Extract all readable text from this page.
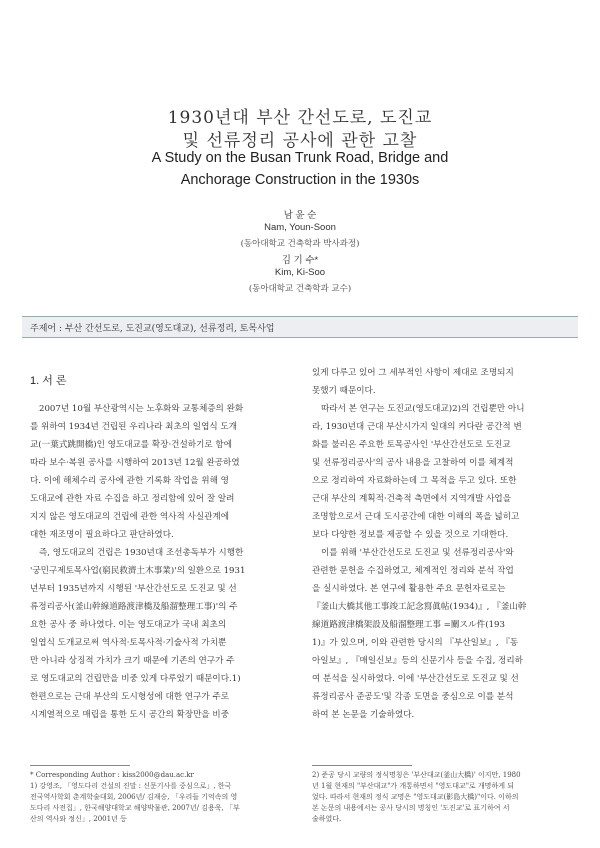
1930년대 부산 간선도로, 도진교
및 선류정리 공사에 관한 고찰
A Study on the Busan Trunk Road, Bridge and
Anchorage Construction in the 1930s
남 윤 순
Nam, Youn-Soon
(동아대학교 건축학과 박사과정)
김 기 수*
Kim, Ki-Soo
(동아대학교 건축학과 교수)
주제어 : 부산 간선도로, 도진교(영도대교), 선류정리, 토목사업
1. 서 론
2007년 10월 부산광역시는 노후화와 교통체증의 완화
를 위하여 1934년 건립된 우리나라 최초의 일엽식 도개
교(一葉式跳開橋)인 영도대교를 확장·건설하기로 함에
따라 보수·복원 공사를 시행하여 2013년 12월 완공하였
다. 이에 해체수리 공사에 관한 기록화 작업을 위해 영
도대교에 관한 자료 수집을 하고 정리함에 있어 잘 알려
지지 않은 영도대교의 건립에 관한 역사적 사실관계에
대한 재조명이 필요하다고 판단하였다.
즉, 영도대교의 건립은 1930년대 조선총독부가 시행한
'궁민구제토목사업(窮民救濟土木事業)'의 일환으로 1931
년부터 1935년까지 시행된 '부산간선도로 도진교 및 선
류정리공사(釜山幹線道路渡津橋及船溜整理工事)'의 주
요한 공사 중 하나였다. 이는 영도대교가 국내 최초의
일엽식 도개교로써 역사적·토목사적·기술사적 가치뿐
만 아니라 상징적 가치가 크기 때문에 기존의 연구가 주
로 영도대교의 건립만을 비중 있게 다루었기 때문이다.1)
한편으로는 근대 부산의 도시형성에 대한 연구가 주로
시계열적으로 매립을 통한 도시 공간의 확장만을 비중
있게 다루고 있어 그 세부적인 사항이 제대로 조명되지
못했기 때문이다.
따라서 본 연구는 도진교(영도대교)2)의 건립뿐만 아니
라, 1930년대 근대 부산시가지 일대의 커다란 공간적 변
화를 불러온 주요한 토목공사인 '부산간선도로 도진교
및 선류정리공사'의 공사 내용을 고찰하여 이를 체계적
으로 정리하여 자료화하는데 그 목적을 두고 있다. 또한
근대 부산의 계획적·건축적 측면에서 지역개발 사업을
조명함으로서 근대 도시공간에 대한 이해의 폭을 넓히고
보다 다양한 정보를 제공할 수 있을 것으로 기대한다.
이를 위해 '부산간선도로 도진교 및 선류정리공사'와
관련한 문헌을 수집하였고, 체계적인 정리와 분석 작업
을 실시하였다. 본 연구에 활용한 주요 문헌자료로는
『釜山大橋其他工事竣工記念寫眞帖(1934)』, 『釜山幹
線道路渡津橋架設及船溜整理工事 =關スル件(193
1)』가 있으며, 이와 관련한 당시의 『부산일보』, 『동
아일보』, 『매일신보』등의 신문기사 등을 수집, 정리하
여 분석을 실시하였다. 이에 '부산간선도로 도진교 및 선
류정리공사 준공도'및 각종 도면을 중심으로 이를 분석
하여 본 논문을 기술하였다.
* Corresponding Author : kiss2000@dau.ac.kr
1) 강영조, 「영도다리 건설의 진말 : 신문기사를 중심으로」, 한국
전국역사학회 춘계학술대회, 2006년/ 김재승, 「우리들 기억속의 영
도다리 사전집」, 한국해양대학교 해양박물관, 2007년/ 김용욱, 「부
산의 역사와 정신」, 2001년 등
2) 준공 당시 교량의 정식명칭은 '부산대교(釜山大橋)' 이지만, 1980
년 1월 현재의 "부산대교"가 개통하면서 "영도대교"로 개명하게 되
었다. 따라서 현재의 정식 교명은 "영도대교(影島大橋)"이다. 이하의
본 논문의 내용에서는 공사 당시의 명칭인 '도진교'로 표기하여 서
술하였다.
